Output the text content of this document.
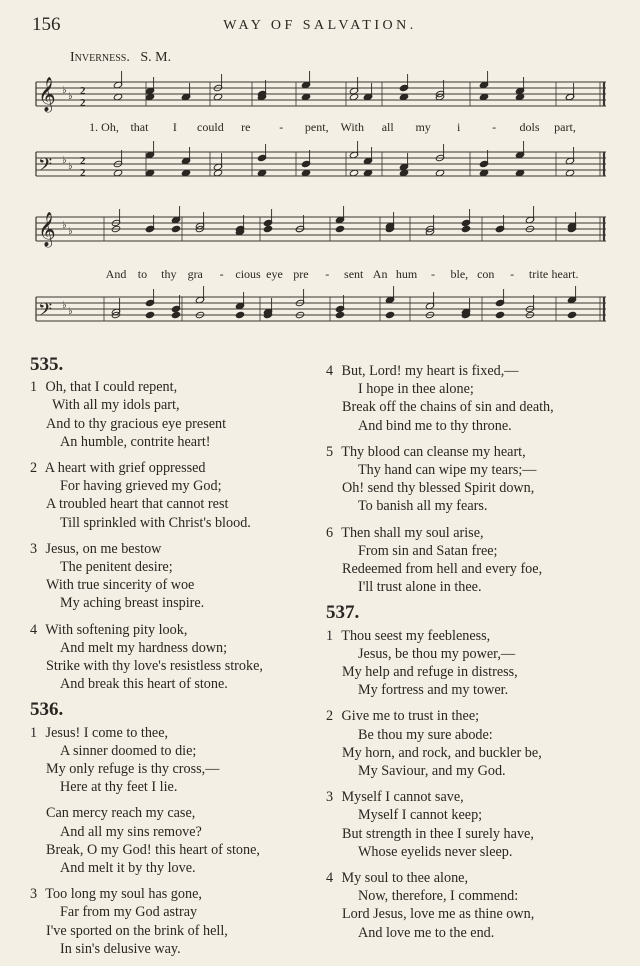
156	WAY OF SALVATION.
Inverness. S. M.
𝄞 ♭
♭ 2
2
𝄢 ♭
♭ 2
2
𝄞 ♭
♭
𝄢 ♭
♭
1. Oh, that I could re - pent, With all my i	- dols part,
And to thy gra - cious eye pre - sent An hum - ble, con - trite heart.
535.
1 Oh, that I could repent,
With all my idols part,
And to thy gracious eye present
An humble, contrite heart!
2 A heart with grief oppressed
For having grieved my God;
A troubled heart that cannot rest
Till sprinkled with Christ's blood.
3 Jesus, on me bestow
The penitent desire;
With true sincerity of woe
My aching breast inspire.
4 With softening pity look,
And melt my hardness down;
Strike with thy love's resistless stroke,
And break this heart of stone.
536.
1 Jesus! I come to thee,
A sinner doomed to die;
My only refuge is thy cross,—
Here at thy feet I lie.
Can mercy reach my case,
And all my sins remove?
Break, O my God! this heart of stone,
And melt it by thy love.
3 Too long my soul has gone,
Far from my God astray
I've sported on the brink of hell,
In sin's delusive way.
4 But, Lord! my heart is fixed,—
I hope in thee alone;
Break off the chains of sin and death,
And bind me to thy throne.
5 Thy blood can cleanse my heart,
Thy hand can wipe my tears;—
Oh! send thy blessed Spirit down,
To banish all my fears.
6 Then shall my soul arise,
From sin and Satan free;
Redeemed from hell and every foe,
I'll trust alone in thee.
537.
1 Thou seest my feebleness,
Jesus, be thou my power,—
My help and refuge in distress,
My fortress and my tower.
2 Give me to trust in thee;
Be thou my sure abode:
My horn, and rock, and buckler be,
My Saviour, and my God.
3 Myself I cannot save,
Myself I cannot keep;
But strength in thee I surely have,
Whose eyelids never sleep.
4 My soul to thee alone,
Now, therefore, I commend:
Lord Jesus, love me as thine own,
And love me to the end.
